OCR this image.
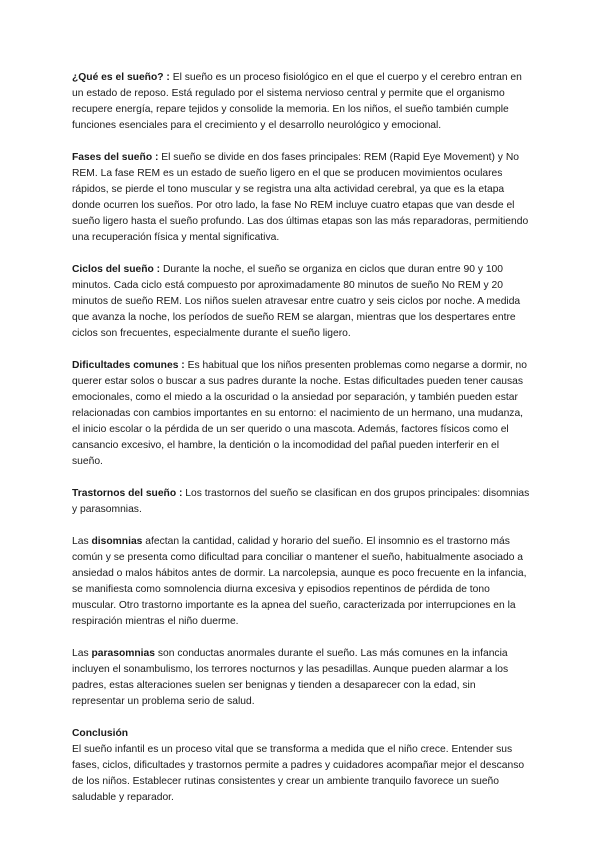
¿Qué es el sueño? : El sueño es un proceso fisiológico en el que el cuerpo y el cerebro entran en un estado de reposo. Está regulado por el sistema nervioso central y permite que el organismo recupere energía, repare tejidos y consolide la memoria. En los niños, el sueño también cumple funciones esenciales para el crecimiento y el desarrollo neurológico y emocional.

Fases del sueño : El sueño se divide en dos fases principales: REM (Rapid Eye Movement) y No REM. La fase REM es un estado de sueño ligero en el que se producen movimientos oculares rápidos, se pierde el tono muscular y se registra una alta actividad cerebral, ya que es la etapa donde ocurren los sueños. Por otro lado, la fase No REM incluye cuatro etapas que van desde el sueño ligero hasta el sueño profundo. Las dos últimas etapas son las más reparadoras, permitiendo una recuperación física y mental significativa.

Ciclos del sueño : Durante la noche, el sueño se organiza en ciclos que duran entre 90 y 100 minutos. Cada ciclo está compuesto por aproximadamente 80 minutos de sueño No REM y 20 minutos de sueño REM. Los niños suelen atravesar entre cuatro y seis ciclos por noche. A medida que avanza la noche, los períodos de sueño REM se alargan, mientras que los despertares entre ciclos son frecuentes, especialmente durante el sueño ligero.

Dificultades comunes : Es habitual que los niños presenten problemas como negarse a dormir, no querer estar solos o buscar a sus padres durante la noche. Estas dificultades pueden tener causas emocionales, como el miedo a la oscuridad o la ansiedad por separación, y también pueden estar relacionadas con cambios importantes en su entorno: el nacimiento de un hermano, una mudanza, el inicio escolar o la pérdida de un ser querido o una mascota. Además, factores físicos como el cansancio excesivo, el hambre, la dentición o la incomodidad del pañal pueden interferir en el sueño.

Trastornos del sueño : Los trastornos del sueño se clasifican en dos grupos principales: disomnias y parasomnias.

Las disomnias afectan la cantidad, calidad y horario del sueño. El insomnio es el trastorno más común y se presenta como dificultad para conciliar o mantener el sueño, habitualmente asociado a ansiedad o malos hábitos antes de dormir. La narcolepsia, aunque es poco frecuente en la infancia, se manifiesta como somnolencia diurna excesiva y episodios repentinos de pérdida de tono muscular. Otro trastorno importante es la apnea del sueño, caracterizada por interrupciones en la respiración mientras el niño duerme.

Las parasomnias son conductas anormales durante el sueño. Las más comunes en la infancia incluyen el sonambulismo, los terrores nocturnos y las pesadillas. Aunque pueden alarmar a los padres, estas alteraciones suelen ser benignas y tienden a desaparecer con la edad, sin representar un problema serio de salud.

Conclusión

El sueño infantil es un proceso vital que se transforma a medida que el niño crece. Entender sus fases, ciclos, dificultades y trastornos permite a padres y cuidadores acompañar mejor el descanso de los niños. Establecer rutinas consistentes y crear un ambiente tranquilo favorece un sueño saludable y reparador.
